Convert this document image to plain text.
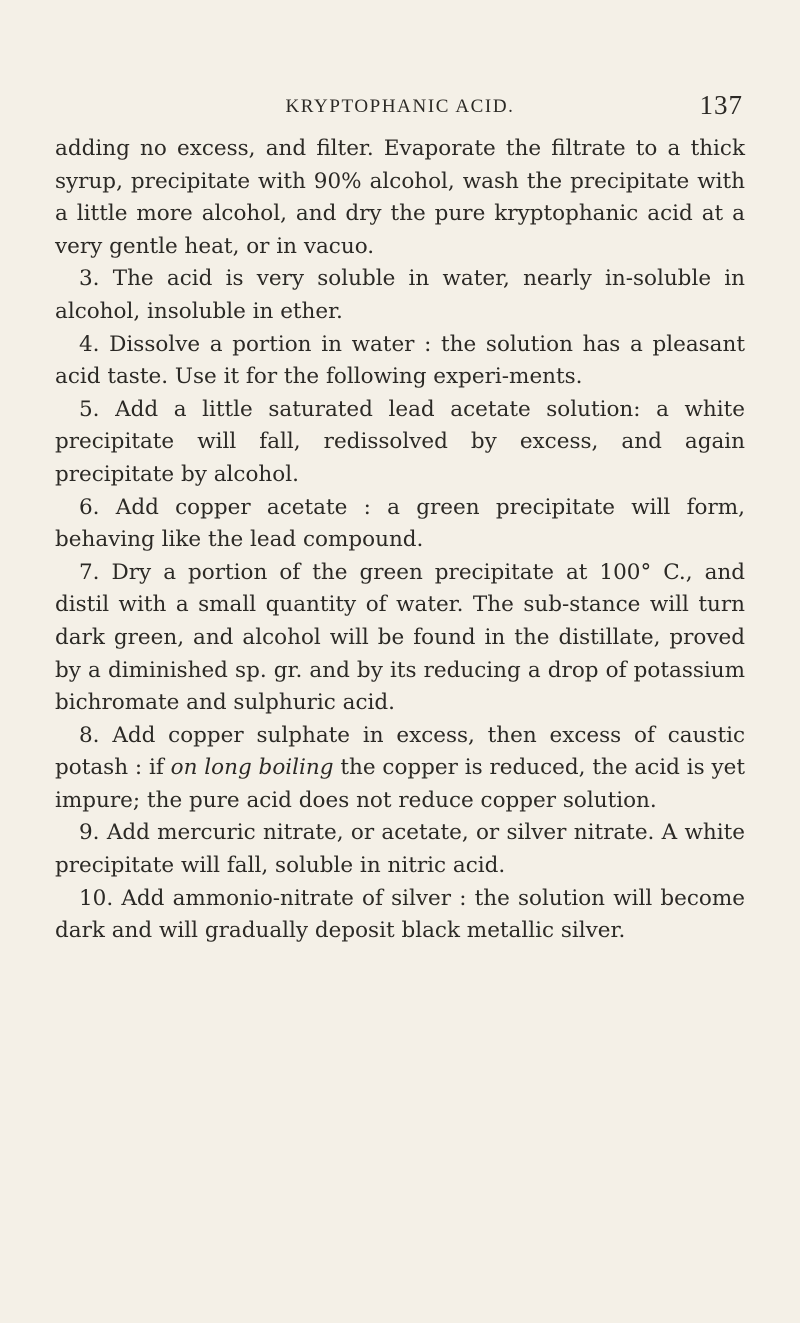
KRYPTOPHANIC ACID.	137

adding no excess, and filter. Evaporate the filtrate to a thick syrup, precipitate with 90% alcohol, wash the precipitate with a little more alcohol, and dry the pure kryptophanic acid at a very gentle heat, or in vacuo.

3. The acid is very soluble in water, nearly in-soluble in alcohol, insoluble in ether.

4. Dissolve a portion in water : the solution has a pleasant acid taste. Use it for the following experi-ments.

5. Add a little saturated lead acetate solution: a white precipitate will fall, redissolved by excess, and again precipitate by alcohol.

6. Add copper acetate : a green precipitate will form, behaving like the lead compound.

7. Dry a portion of the green precipitate at 100° C., and distil with a small quantity of water. The sub-stance will turn dark green, and alcohol will be found in the distillate, proved by a diminished sp. gr. and by its reducing a drop of potassium bichromate and sulphuric acid.

8. Add copper sulphate in excess, then excess of caustic potash : if on long boiling the copper is reduced, the acid is yet impure; the pure acid does not reduce copper solution.

9. Add mercuric nitrate, or acetate, or silver nitrate. A white precipitate will fall, soluble in nitric acid.

10. Add ammonio-nitrate of silver : the solution will become dark and will gradually deposit black metallic silver.
